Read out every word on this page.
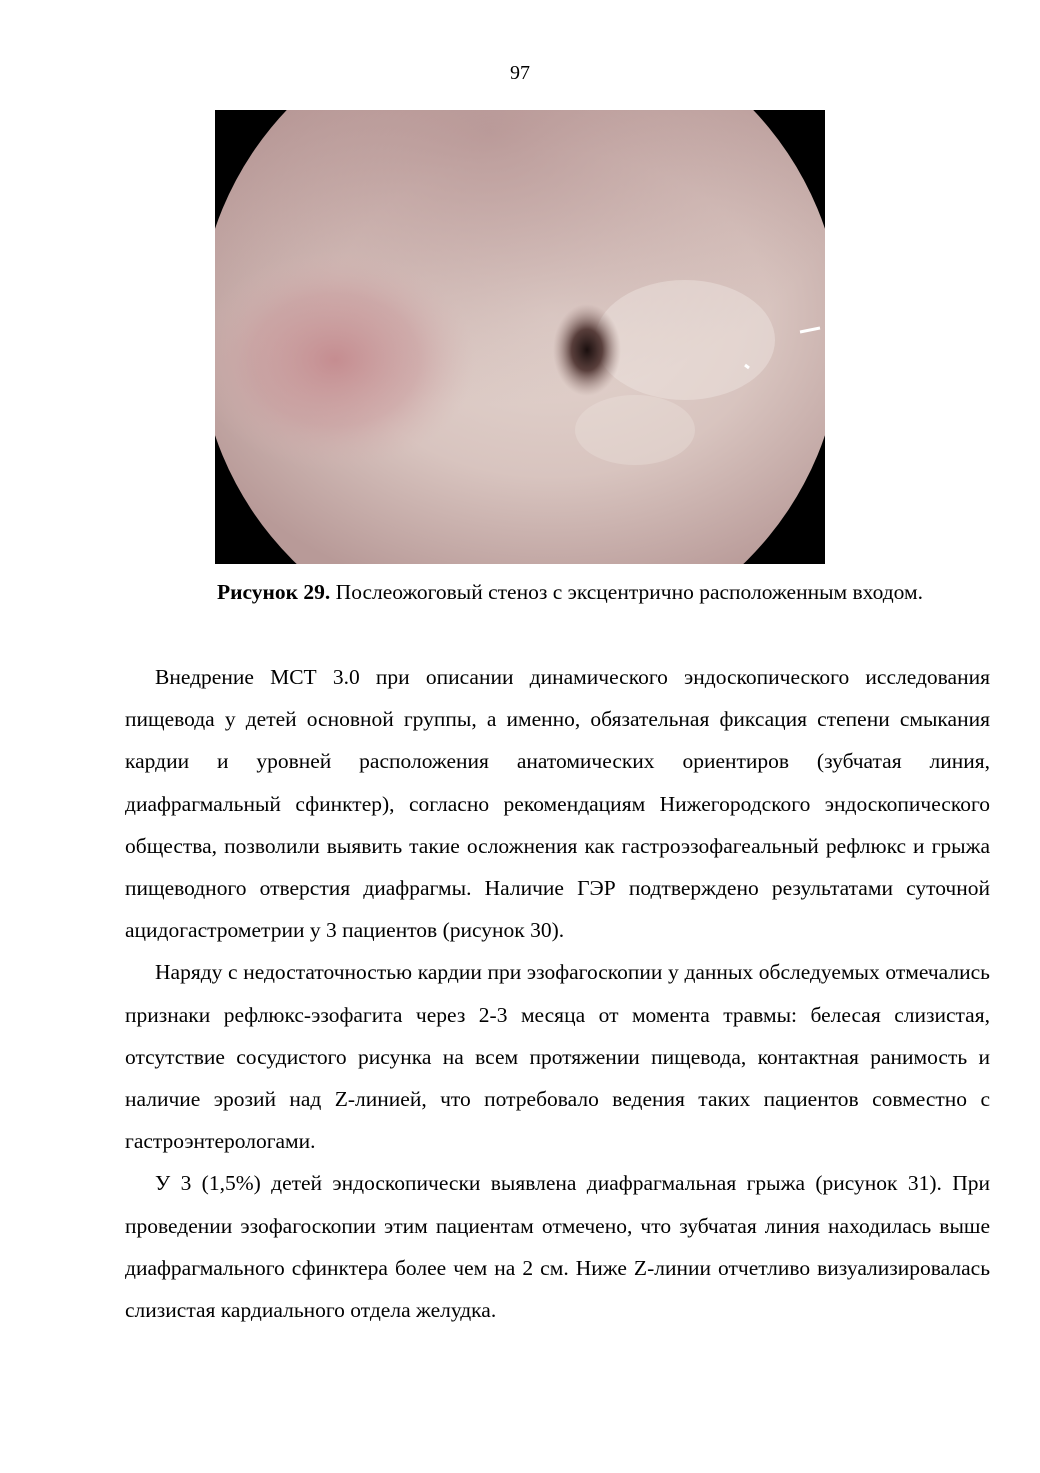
97
Рисунок 29. Послеожоговый стеноз с эксцентрично расположенным входом.

Внедрение МСТ 3.0 при описании динамического эндоскопического исследования пищевода у детей основной группы, а именно, обязательная фиксация степени смыкания кардии и уровней расположения анатомических ориентиров (зубчатая линия, диафрагмальный сфинктер), согласно рекомендациям Нижегородского эндоскопического общества, позволили выявить такие осложнения как гастроэзофагеальный рефлюкс и грыжа пищеводного отверстия диафрагмы. Наличие ГЭР подтверждено результатами суточной ацидогастрометрии у 3 пациентов (рисунок 30).

Наряду с недостаточностью кардии при эзофагоскопии у данных обследуемых отмечались признаки рефлюкс-эзофагита через 2-3 месяца от момента травмы: белесая слизистая, отсутствие сосудистого рисунка на всем протяжении пищевода, контактная ранимость и наличие эрозий над Z-линией, что потребовало ведения таких пациентов совместно с гастроэнтерологами.

У 3 (1,5%) детей эндоскопически выявлена диафрагмальная грыжа (рисунок 31). При проведении эзофагоскопии этим пациентам отмечено, что зубчатая линия находилась выше диафрагмального сфинктера более чем на 2 см. Ниже Z-линии отчетливо визуализировалась слизистая кардиального отдела желудка.
